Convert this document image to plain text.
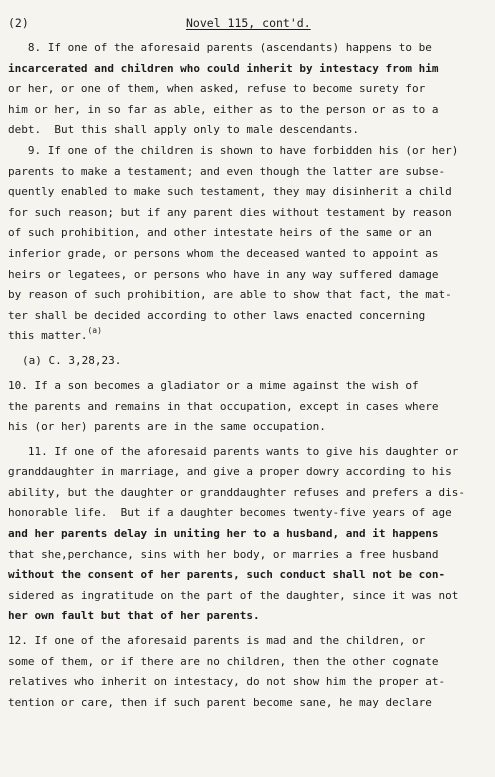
(2)	Novel 115, cont'd.
8. If one of the aforesaid parents (ascendants) happens to be
incarcerated and children who could inherit by intestacy from him
or her, or one of them, when asked, refuse to become surety for
him or her, in so far as able, either as to the person or as to a
debt.  But this shall apply only to male descendants.
9. If one of the children is shown to have forbidden his (or her)
parents to make a testament; and even though the latter are subse-
quently enabled to make such testament, they may disinherit a child
for such reason; but if any parent dies without testament by reason
of such prohibition, and other intestate heirs of the same or an
inferior grade, or persons whom the deceased wanted to appoint as
heirs or legatees, or persons who have in any way suffered damage
by reason of such prohibition, are able to show that fact, the mat-
ter shall be decided according to other laws enacted concerning
this matter.$^{(a)}$
(a) C. 3,28,23.
10. If a son becomes a gladiator or a mime against the wish of
the parents and remains in that occupation, except in cases where
his (or her) parents are in the same occupation.
11. If one of the aforesaid parents wants to give his daughter or
granddaughter in marriage, and give a proper dowry according to his
ability, but the daughter or granddaughter refuses and prefers a dis-
honorable life.  But if a daughter becomes twenty-five years of age
and her parents delay in uniting her to a husband, and it happens
that she,perchance, sins with her body, or marries a free husband
without the consent of her parents, such conduct shall not be con-
sidered as ingratitude on the part of the daughter, since it was not
her own fault but that of her parents.
12. If one of the aforesaid parents is mad and the children, or
some of them, or if there are no children, then the other cognate
relatives who inherit on intestacy, do not show him the proper at-
tention or care, then if such parent become sane, he may declare
